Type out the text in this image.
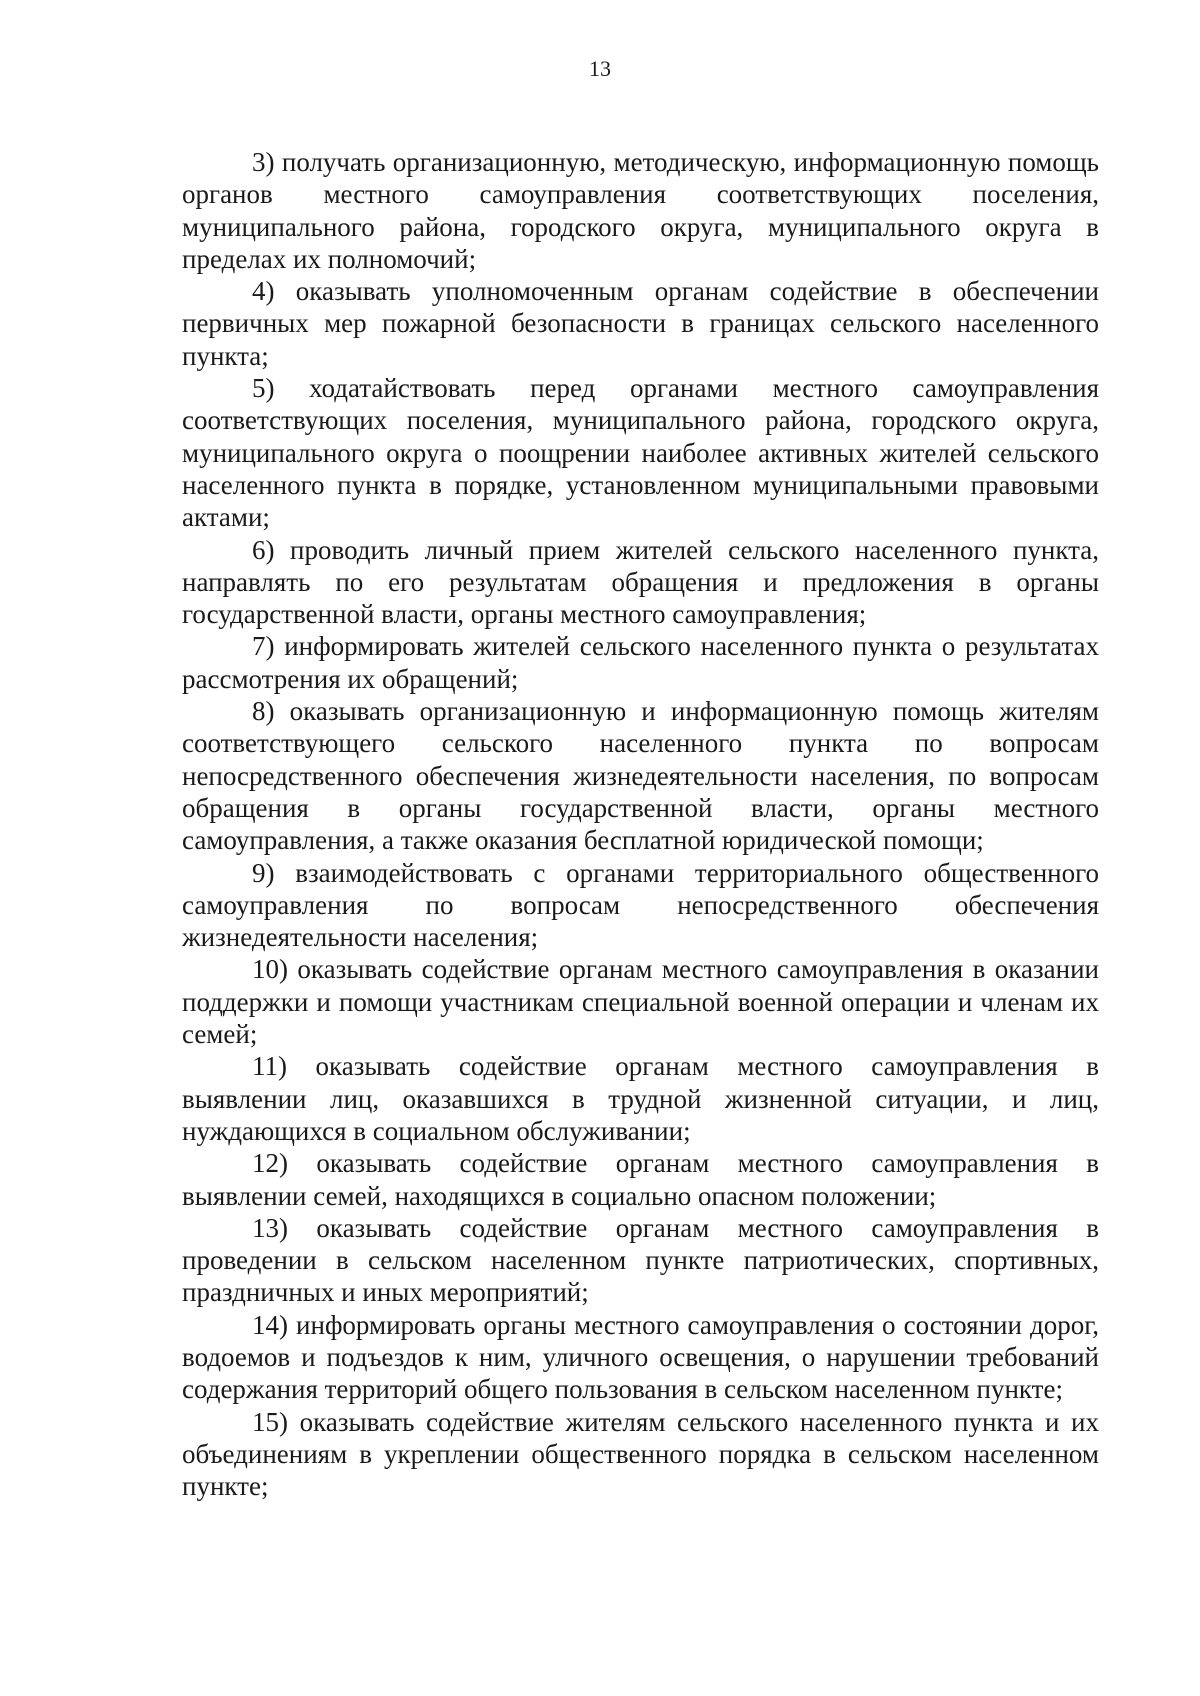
13

3) получать организационную, методическую, информационную помощь органов местного самоуправления соответствующих поселения, муниципального района, городского округа, муниципального округа в пределах их полномочий;

4) оказывать уполномоченным органам содействие в обеспечении первичных мер пожарной безопасности в границах сельского населенного пункта;

5) ходатайствовать перед органами местного самоуправления соответствующих поселения, муниципального района, городского округа, муниципального округа о поощрении наиболее активных жителей сельского населенного пункта в порядке, установленном муниципальными правовыми актами;

6) проводить личный прием жителей сельского населенного пункта, направлять по его результатам обращения и предложения в органы государственной власти, органы местного самоуправления;

7) информировать жителей сельского населенного пункта о результатах рассмотрения их обращений;

8) оказывать организационную и информационную помощь жителям соответствующего сельского населенного пункта по вопросам непосредственного обеспечения жизнедеятельности населения, по вопросам обращения в органы государственной власти, органы местного самоуправления, а также оказания бесплатной юридической помощи;

9) взаимодействовать с органами территориального общественного самоуправления по вопросам непосредственного обеспечения жизнедеятельности населения;

10) оказывать содействие органам местного самоуправления в оказании поддержки и помощи участникам специальной военной операции и членам их семей;

11) оказывать содействие органам местного самоуправления в выявлении лиц, оказавшихся в трудной жизненной ситуации, и лиц, нуждающихся в социальном обслуживании;

12) оказывать содействие органам местного самоуправления в выявлении семей, находящихся в социально опасном положении;

13) оказывать содействие органам местного самоуправления в проведении в сельском населенном пункте патриотических, спортивных, праздничных и иных мероприятий;

14) информировать органы местного самоуправления о состоянии дорог, водоемов и подъездов к ним, уличного освещения, о нарушении требований содержания территорий общего пользования в сельском населенном пункте;

15) оказывать содействие жителям сельского населенного пункта и их объединениям в укреплении общественного порядка в сельском населенном пункте;
